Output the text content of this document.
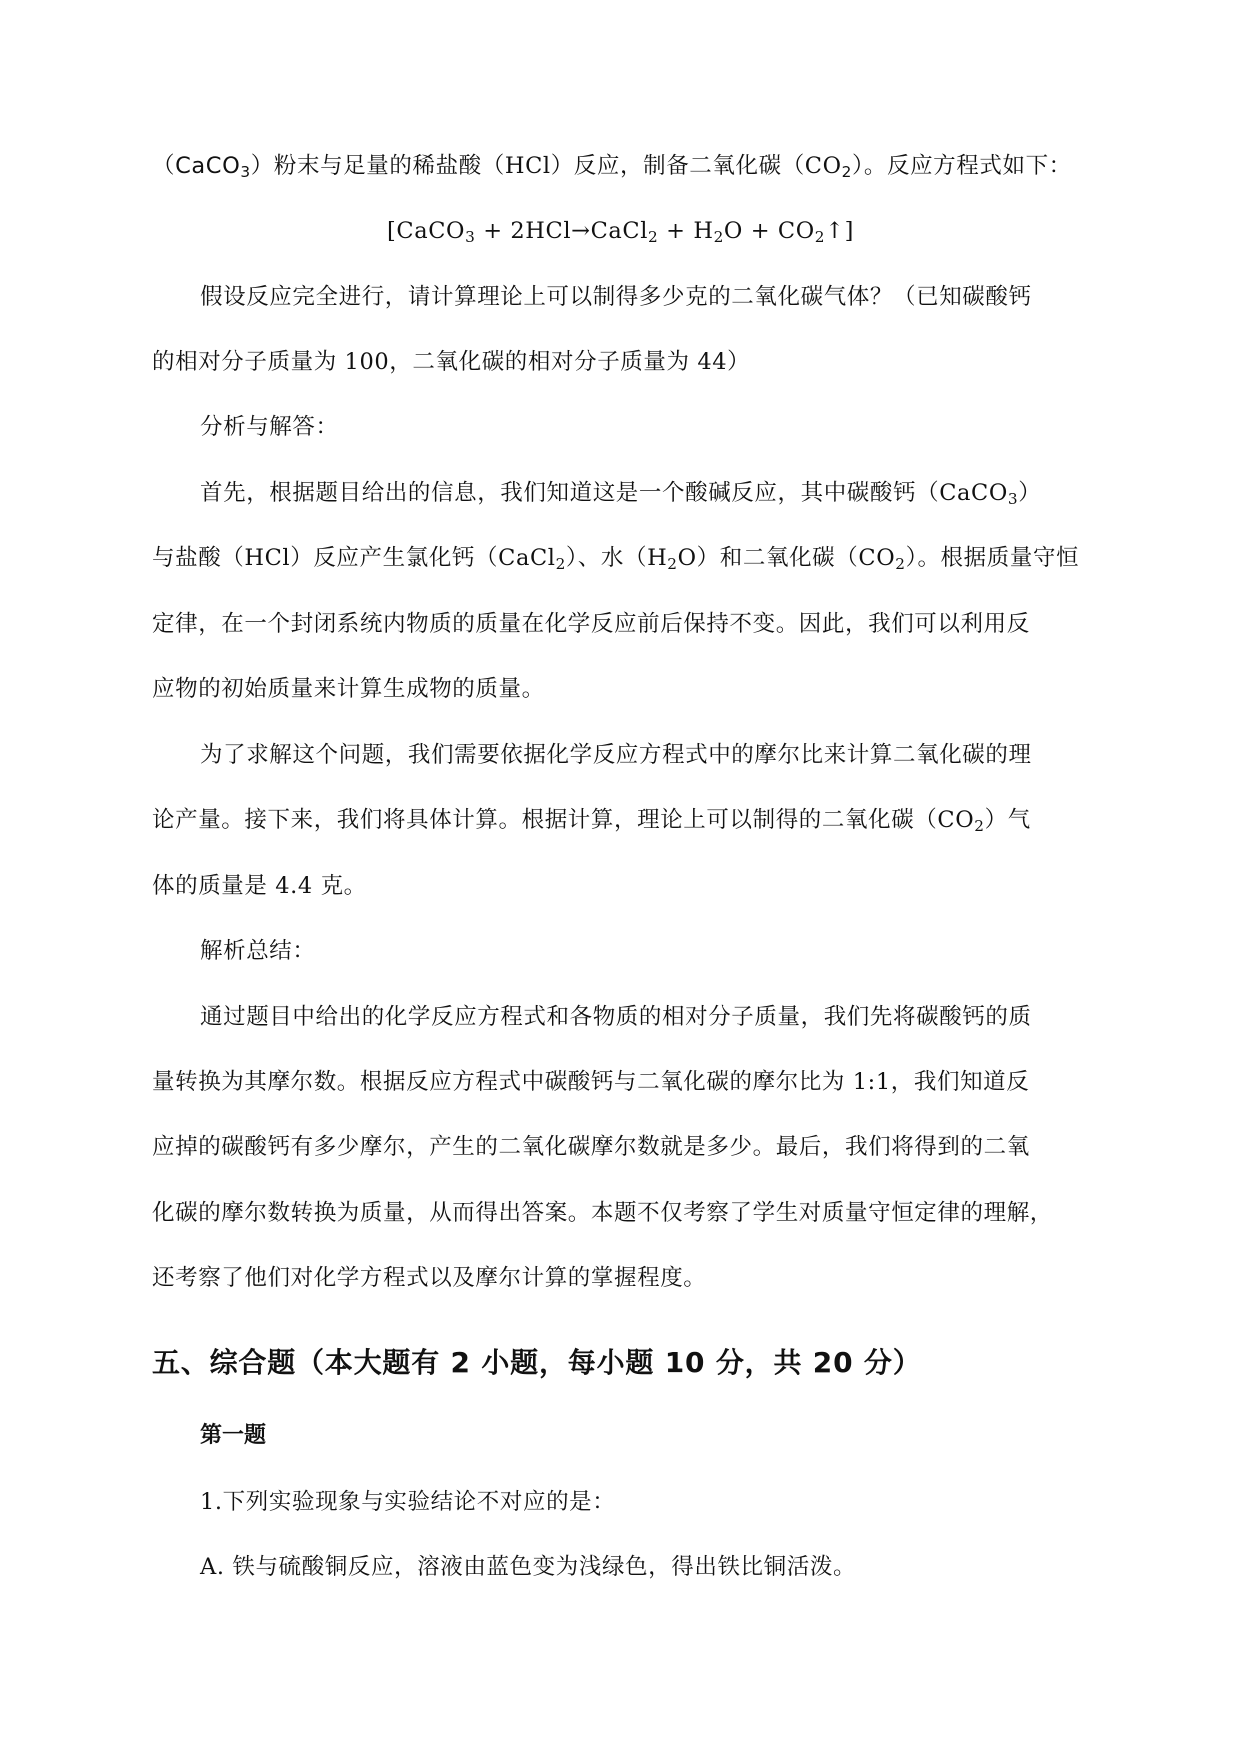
（CaCO$_3$）粉末与足量的稀盐酸（HCl）反应，制备二氧化碳$(CO_2)$。反应方程式如下：
[CaCO$_3$ + 2HCl→CaCl$_2$ + $H_2O$ + $CO_2↑$]
假设反应完全进行，请计算理论上可以制得多少克的二氧化碳气体？（已知碳酸钙
的相对分子质量为 100，二氧化碳的相对分子质量为 44）
分析与解答：
首先，根据题目给出的信息，我们知道这是一个酸碱反应，其中碳酸钙（CaCO$_3$）
与盐酸（HCl）反应产生氯化钙（CaCl$_2$）、水$(H_2O)$和二氧化碳$(CO_2)$。根据质量守恒
定律，在一个封闭系统内物质的质量在化学反应前后保持不变。因此，我们可以利用反
应物的初始质量来计算生成物的质量。
为了求解这个问题，我们需要依据化学反应方程式中的摩尔比来计算二氧化碳的理
论产量。接下来，我们将具体计算。根据计算，理论上可以制得的二氧化碳$(CO_2)$气
体的质量是 4.4 克。
解析总结：
通过题目中给出的化学反应方程式和各物质的相对分子质量，我们先将碳酸钙的质
量转换为其摩尔数。根据反应方程式中碳酸钙与二氧化碳的摩尔比为 1:1，我们知道反
应掉的碳酸钙有多少摩尔，产生的二氧化碳摩尔数就是多少。最后，我们将得到的二氧
化碳的摩尔数转换为质量，从而得出答案。本题不仅考察了学生对质量守恒定律的理解，
还考察了他们对化学方程式以及摩尔计算的掌握程度。
五、综合题（本大题有 2 小题，每小题 10 分，共 20 分）
第一题
1.下列实验现象与实验结论不对应的是：
A. 铁与硫酸铜反应，溶液由蓝色变为浅绿色，得出铁比铜活泼。
